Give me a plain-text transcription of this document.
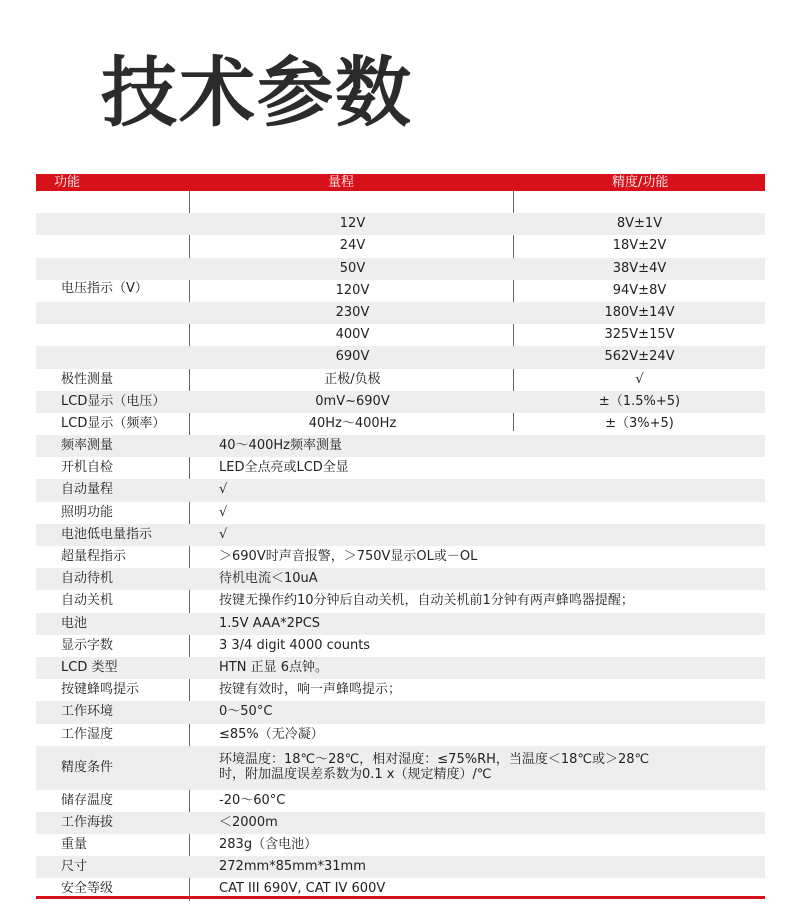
技术参数
功能	量程	精度/功能
电压指示（V）
12V	8V±1V
24V	18V±2V
50V	38V±4V
120V	94V±8V
230V	180V±14V
400V	325V±15V
690V	562V±24V
极性测量	正极/负极	√
LCD显示（电压）	0mV~690V	±（1.5%+5)
LCD显示（频率）	40Hz～400Hz	±（3%+5)
频率测量	40～400Hz频率测量
开机自检	LED全点亮或LCD全显
自动量程	√
照明功能	√
电池低电量指示	√
超量程指示	＞690V时声音报警，＞750V显示OL或－OL
自动待机	待机电流＜10uA
自动关机	按键无操作约10分钟后自动关机，自动关机前1分钟有两声蜂鸣器提醒；
电池	1.5V AAA*2PCS
显示字数	3 3/4 digit 4000 counts
LCD 类型	HTN 正显 6点钟。
按键蜂鸣提示	按键有效时，响一声蜂鸣提示；
工作环境	0～50°C
工作湿度	≤85%（无冷凝）
精度条件
环境温度：18℃～28℃，相对湿度：≤75%RH，当温度＜18℃或＞28℃
时，附加温度误差系数为0.1 x（规定精度）/℃
储存温度	-20～60°C
工作海拔	＜2000m
重量	283g（含电池）
尺寸	272mm*85mm*31mm
安全等级	CAT III 690V, CAT IV 600V
